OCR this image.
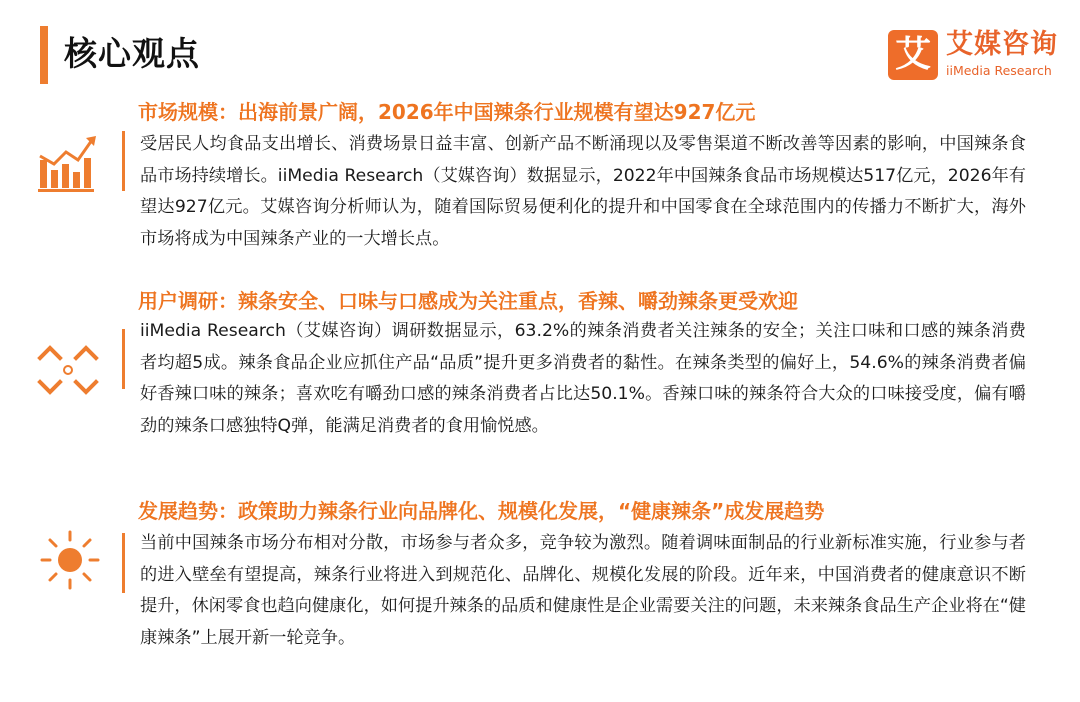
核心观点	艾 艾媒咨询
iiMedia Research
市场规模：出海前景广阔，2026年中国辣条行业规模有望达927亿元
受居民人均食品支出增长、消费场景日益丰富、创新产品不断涌现以及零售渠道不断改善等因素的影响，中国辣条食品市场持续增长。iiMedia Research（艾媒咨询）数据显示，2022年中国辣条食品市场规模达517亿元，2026年有望达927亿元。艾媒咨询分析师认为，随着国际贸易便利化的提升和中国零食在全球范围内的传播力不断扩大，海外市场将成为中国辣条产业的一大增长点。
用户调研：辣条安全、口味与口感成为关注重点，香辣、嚼劲辣条更受欢迎
iiMedia Research（艾媒咨询）调研数据显示，63.2%的辣条消费者关注辣条的安全；关注口味和口感的辣条消费者均超5成。辣条食品企业应抓住产品“品质”提升更多消费者的黏性。在辣条类型的偏好上，54.6%的辣条消费者偏好香辣口味的辣条；喜欢吃有嚼劲口感的辣条消费者占比达50.1%。香辣口味的辣条符合大众的口味接受度，偏有嚼劲的辣条口感独特Q弹，能满足消费者的食用愉悦感。
发展趋势：政策助力辣条行业向品牌化、规模化发展，“健康辣条”成发展趋势
当前中国辣条市场分布相对分散，市场参与者众多，竞争较为激烈。随着调味面制品的行业新标准实施，行业参与者的进入壁垒有望提高，辣条行业将进入到规范化、品牌化、规模化发展的阶段。近年来，中国消费者的健康意识不断提升，休闲零食也趋向健康化，如何提升辣条的品质和健康性是企业需要关注的问题，未来辣条食品生产企业将在“健康辣条”上展开新一轮竞争。
